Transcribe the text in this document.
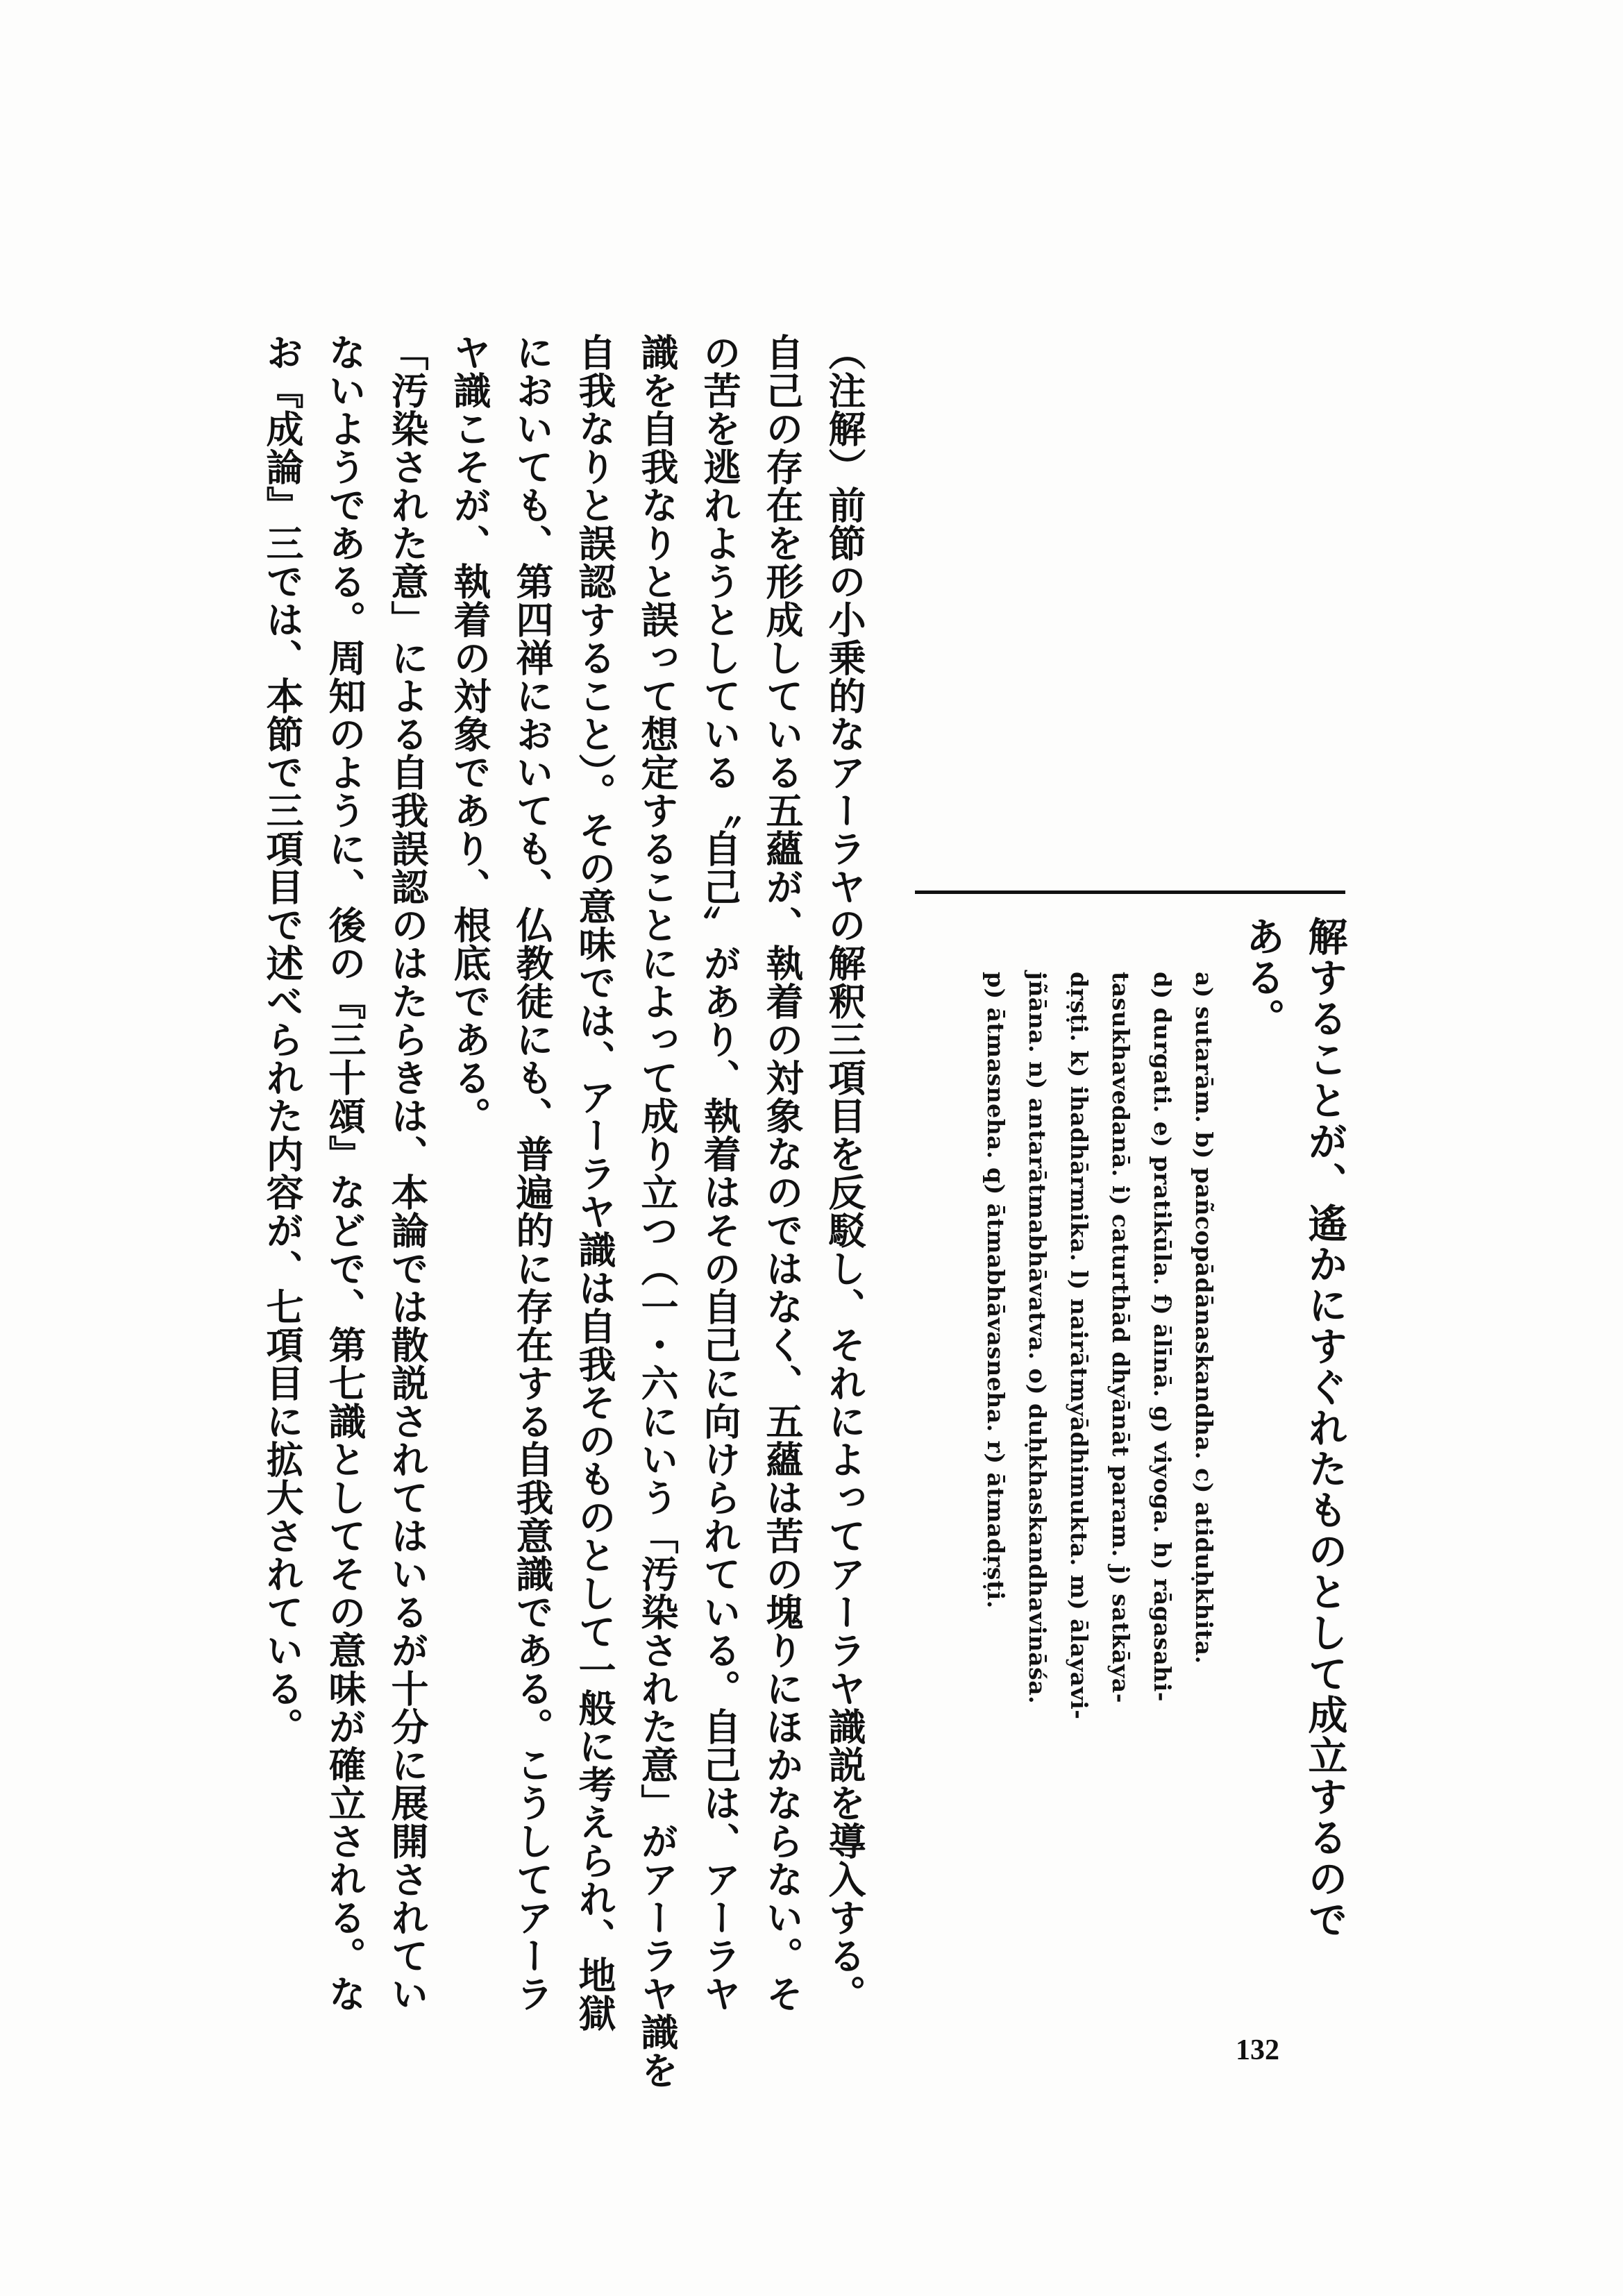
解することが、遙かにすぐれたものとして成立するので
ある。
a) sutarām. b) pañcopādānaskandha. c) atiduḥkhita.
d) durgati. e) pratikūla. f) ālīnā. g) viyoga. h) rāgasahi-
tasukhavedanā. i) caturthād dhyānāt param. j) satkāya-
dṛṣṭi. k) ihadhārmika. l) nairātmyādhimukta. m) ālayavi-
jñāna. n) antarātmabhāvatva. o) duḥkhaskandhavināśa.
p) ātmasneha. q) ātmabhāvasneha. r) ātmadṛṣṭi.
（注解）前節の小乗的なアーラヤの解釈三項目を反駁し、それによってアーラヤ識説を導入する。
自己の存在を形成している五蘊が、執着の対象なのではなく、五蘊は苦の塊りにほかならない。そ
の苦を逃れようとしている〝自己〟があり、執着はその自己に向けられている。自己は、アーラヤ
識を自我なりと誤って想定することによって成り立つ（一・六にいう「汚染された意」がアーラヤ識を
自我なりと誤認すること）。その意味では、アーラヤ識は自我そのものとして一般に考えられ、地獄
においても、第四禅においても、仏教徒にも、普遍的に存在する自我意識である。こうしてアーラ
ヤ識こそが、執着の対象であり、根底である。
「汚染された意」による自我誤認のはたらきは、本論では散説されてはいるが十分に展開されてい
ないようである。周知のように、後の『三十頌』などで、第七識としてその意味が確立される。な
お『成論』三では、本節で三項目で述べられた内容が、七項目に拡大されている。
132
